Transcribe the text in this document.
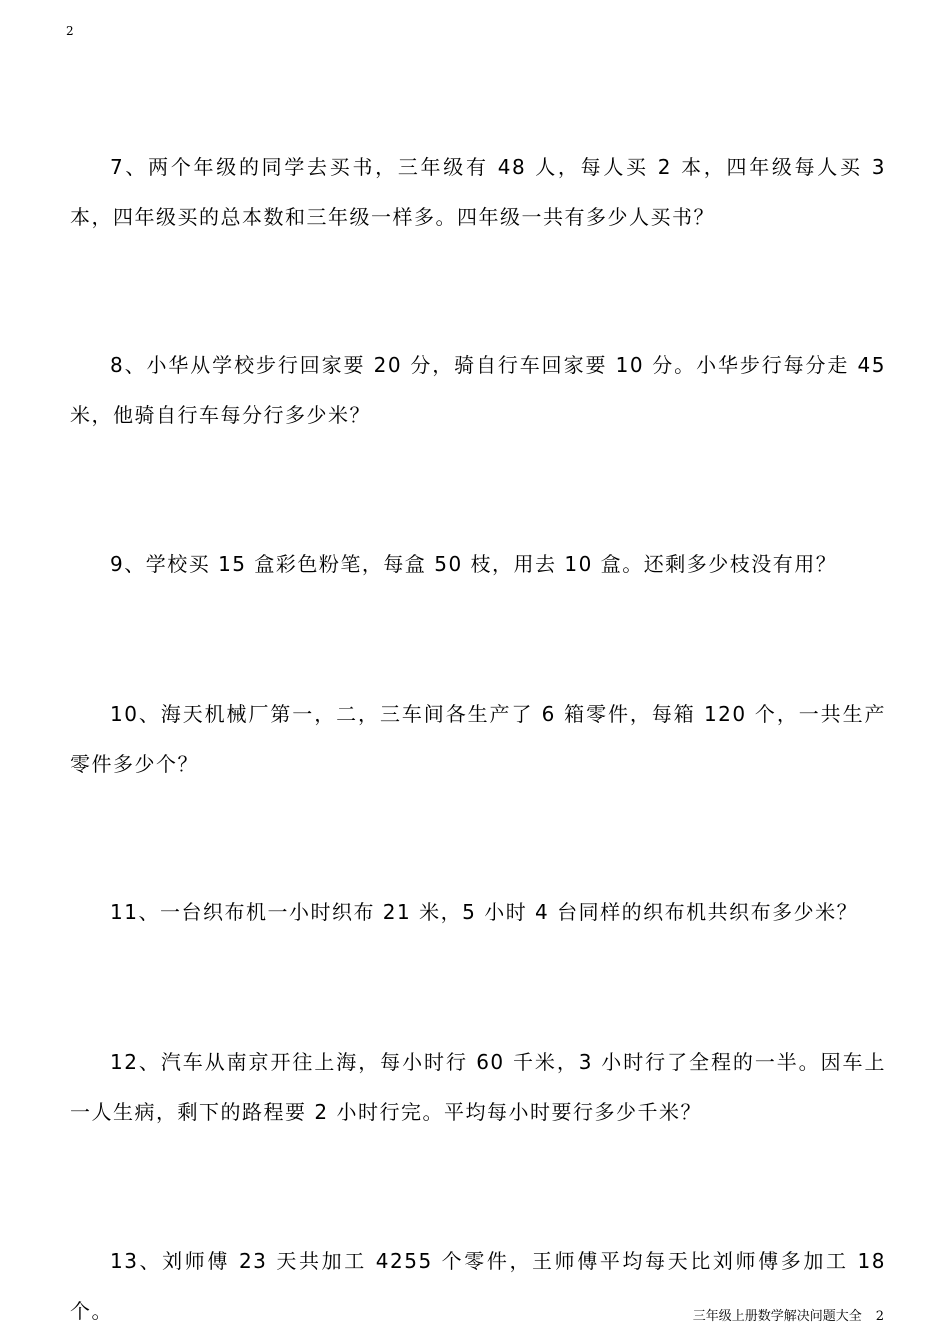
2

7、两个年级的同学去买书，三年级有 48 人，每人买 2 本，四年级每人买 3 本，四年级买的总本数和三年级一样多。四年级一共有多少人买书？

8、小华从学校步行回家要 20 分，骑自行车回家要 10 分。小华步行每分走 45 米，他骑自行车每分行多少米？

9、学校买 15 盒彩色粉笔，每盒 50 枝，用去 10 盒。还剩多少枝没有用？

10、海天机械厂第一，二，三车间各生产了 6 箱零件，每箱 120 个，一共生产零件多少个？

11、一台织布机一小时织布 21 米，5 小时 4 台同样的织布机共织布多少米？

12、汽车从南京开往上海，每小时行 60 千米，3 小时行了全程的一半。因车上一人生病，剩下的路程要 2 小时行完。平均每小时要行多少千米？

13、刘师傅 23 天共加工 4255 个零件，王师傅平均每天比刘师傅多加工 18 个。	三年级上册数学解决问题大全 2
